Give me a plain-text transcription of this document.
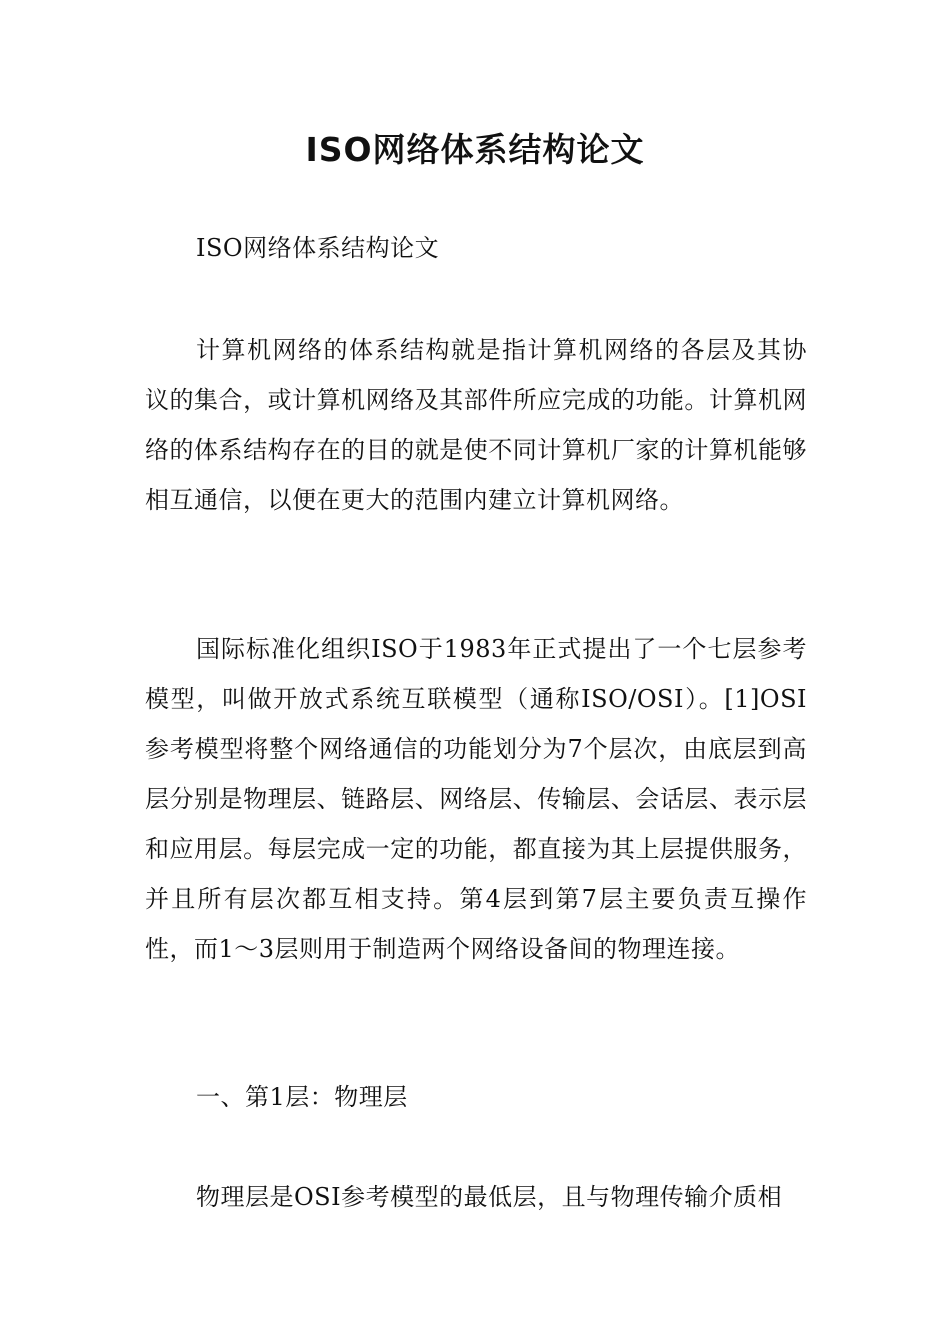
ISO网络体系结构论文

ISO网络体系结构论文

计算机网络的体系结构就是指计算机网络的各层及其协议的集合，或计算机网络及其部件所应完成的功能。计算机网络的体系结构存在的目的就是使不同计算机厂家的计算机能够相互通信，以便在更大的范围内建立计算机网络。

国际标准化组织ISO于1983年正式提出了一个七层参考模型，叫做开放式系统互联模型（通称ISO/OSI）。[1]OSI参考模型将整个网络通信的功能划分为7个层次，由底层到高层分别是物理层、链路层、网络层、传输层、会话层、表示层和应用层。每层完成一定的功能，都直接为其上层提供服务，并且所有层次都互相支持。第4层到第7层主要负责互操作性，而1～3层则用于制造两个网络设备间的物理连接。

一、第1层：物理层

物理层是OSI参考模型的最低层，且与物理传输介质相
